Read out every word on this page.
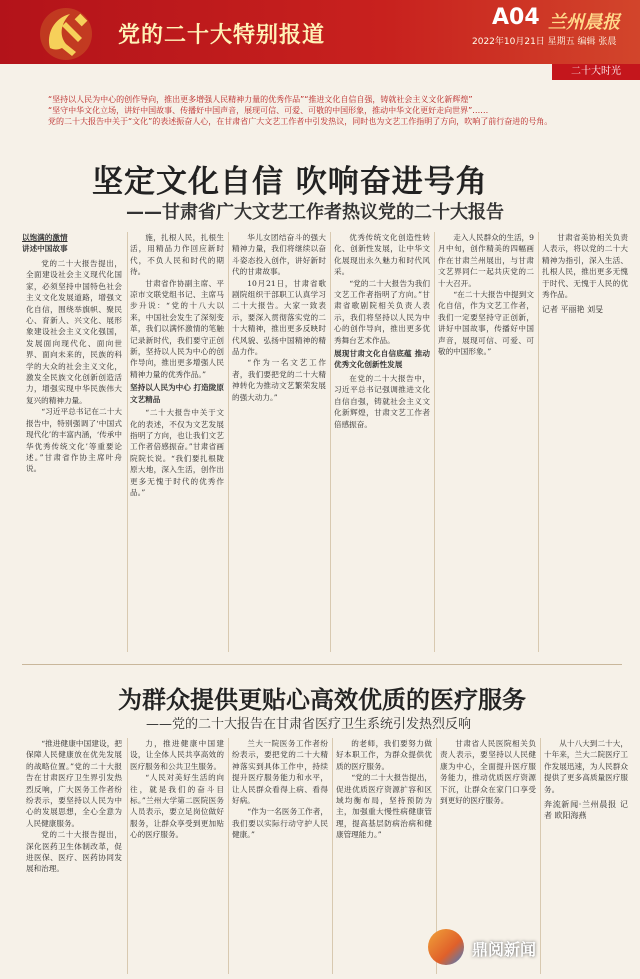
党的二十大特别报道
A04 兰州晨报
2022年10月21日 星期五 编辑 张晨
二十大时光

“坚持以人民为中心的创作导向，推出更多增强人民精神力量的优秀作品”“推进文化自信自强，铸就社会主义文化新辉煌”

“坚守中华文化立场，讲好中国故事、传播好中国声音，展现可信、可爱、可敬的中国形象，推动中华文化更好走向世界”……

党的二十大报告中关于“文化”的表述振奋人心，在甘肃省广大文艺工作者中引发热议，同时也为文艺工作指明了方向，吹响了前行奋进的号角。

坚定文化自信 吹响奋进号角
——甘肃省广大文艺工作者热议党的二十大报告
以饱满的激情
讲述中国故事

党的二十大报告提出，全面建设社会主义现代化国家，必须坚持中国特色社会主义文化发展道路，增强文化自信，围绕举旗帜、聚民心、育新人、兴文化、展形象建设社会主义文化强国，发展面向现代化、面向世界、面向未来的，民族的科学的大众的社会主义文化，激发全民族文化创新创造活力，增强实现中华民族伟大复兴的精神力量。

“习近平总书记在二十大报告中，特别强调了‘中国式现代化’的丰富内涵，‘传承中华优秀传统文化’等重要论述。”甘肃省作协主席叶舟说。

施，扎根人民，扎根生活，用精品力作回应新时代，不负人民和时代的期待。

甘肃省作协副主席、平凉市文联党组书记、主席马步升说：“党的十八大以来，中国社会发生了深刻变革，我们以满怀激情的笔触记录新时代，我们要守正创新，坚持以人民为中心的创作导向，推出更多增强人民精神力量的优秀作品。”

坚持以人民为中心 打造陇原文艺精品

“二十大报告中关于文化的表述，不仅为文艺发展指明了方向，也让我们文艺工作者倍感振奋。”甘肃省画院院长说。“我们要扎根陇原大地，深入生活，创作出更多无愧于时代的优秀作品。”

华儿女团结奋斗的强大精神力量，我们将继续以奋斗姿态投入创作，讲好新时代的甘肃故事。

10月21日，甘肃省歌剧院组织干部职工认真学习二十大报告。大家一致表示，要深入贯彻落实党的二十大精神，推出更多反映时代风貌、弘扬中国精神的精品力作。

“作为一名文艺工作者，我们要把党的二十大精神转化为推动文艺繁荣发展的强大动力。”

优秀传统文化创造性转化、创新性发展，让中华文化展现出永久魅力和时代风采。

“党的二十大报告为我们文艺工作者指明了方向。”甘肃省歌剧院相关负责人表示，我们将坚持以人民为中心的创作导向，推出更多优秀舞台艺术作品。

展现甘肃文化自信底蕴 推动优秀文化创新性发展

在党的二十大报告中，习近平总书记强调推进文化自信自强，铸就社会主义文化新辉煌，甘肃文艺工作者倍感振奋。

走入人民群众的生活，9月中旬，创作精美的四幅画作在甘肃兰州展出，与甘肃文艺界同仁一起共庆党的二十大召开。

“在二十大报告中提到文化自信，作为文艺工作者，我们一定要坚持守正创新，讲好中国故事，传播好中国声音，展现可信、可爱、可敬的中国形象。”

甘肃省美协相关负责人表示，将以党的二十大精神为指引，深入生活、扎根人民，推出更多无愧于时代、无愧于人民的优秀作品。

记者 平丽艳 刘旻

为群众提供更贴心高效优质的医疗服务
——党的二十大报告在甘肃省医疗卫生系统引发热烈反响

“推进健康中国建设，把保障人民健康放在优先发展的战略位置。”党的二十大报告在甘肃医疗卫生界引发热烈反响，广大医务工作者纷纷表示，要坚持以人民为中心的发展思想，全心全意为人民健康服务。

党的二十大报告提出，深化医药卫生体制改革，促进医保、医疗、医药协同发展和治理。

力，推进健康中国建设，让全体人民共享高效的医疗服务和公共卫生服务。

“人民对美好生活的向往，就是我们的奋斗目标。”兰州大学第二医院医务人员表示，要立足岗位做好服务，让群众享受到更加贴心的医疗服务。

兰大一院医务工作者纷纷表示，要把党的二十大精神落实到具体工作中，持续提升医疗服务能力和水平，让人民群众看得上病、看得好病。

“作为一名医务工作者，我们要以实际行动守护人民健康。”

的老师，我们要努力做好本职工作，为群众提供优质的医疗服务。

“党的二十大报告提出，促进优质医疗资源扩容和区域均衡布局，坚持预防为主，加强重大慢性病健康管理，提高基层防病治病和健康管理能力。”

甘肃省人民医院相关负责人表示，要坚持以人民健康为中心，全面提升医疗服务能力，推动优质医疗资源下沉，让群众在家门口享受到更好的医疗服务。

从十八大到二十大，十年来，兰大二院医疗工作发展迅速，为人民群众提供了更多高质量医疗服务。

奔流新闻·兰州晨报 记者 欧阳海燕

鼎阅新闻
